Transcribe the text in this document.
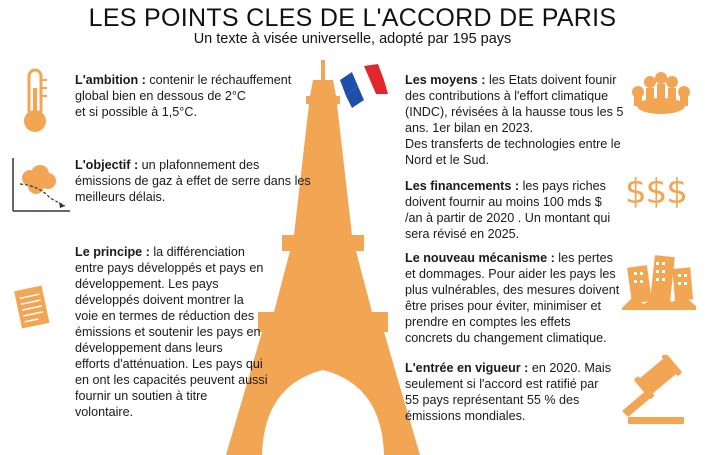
LES POINTS CLES DE L'ACCORD DE PARIS
Un texte à visée universelle, adopté par 195 pays
$$$
L'ambition : contenir le réchauffement
global bien en dessous de 2°C
et si possible à 1,5°C.
L'objectif : un plafonnement des
émissions de gaz à effet de serre dans les
meilleurs délais.
Le principe : la différenciation
entre pays développés et pays en
développement. Les pays
développés doivent montrer la
voie en termes de réduction des
émissions et soutenir les pays en
développement dans leurs
efforts d'atténuation. Les pays qui
en ont les capacités peuvent aussi
fournir un soutien à titre
volontaire.
Les moyens : les Etats doivent founir
des contributions à l'effort climatique
(INDC), révisées à la hausse tous les 5
ans. 1er bilan en 2023.
Des transferts de technologies entre le
Nord et le Sud.
Les financements : les pays riches
doivent fournir au moins 100 mds $
/an à partir de 2020 . Un montant qui
sera révisé en 2025.
Le nouveau mécanisme : les pertes
et dommages. Pour aider les pays les
plus vulnérables, des mesures doivent
être prises pour éviter, minimiser et
prendre en comptes les effets
concrets du changement climatique.
L'entrée en vigueur : en 2020. Mais
seulement si l'accord est ratifié par
55 pays représentant 55 % des
émissions mondiales.
